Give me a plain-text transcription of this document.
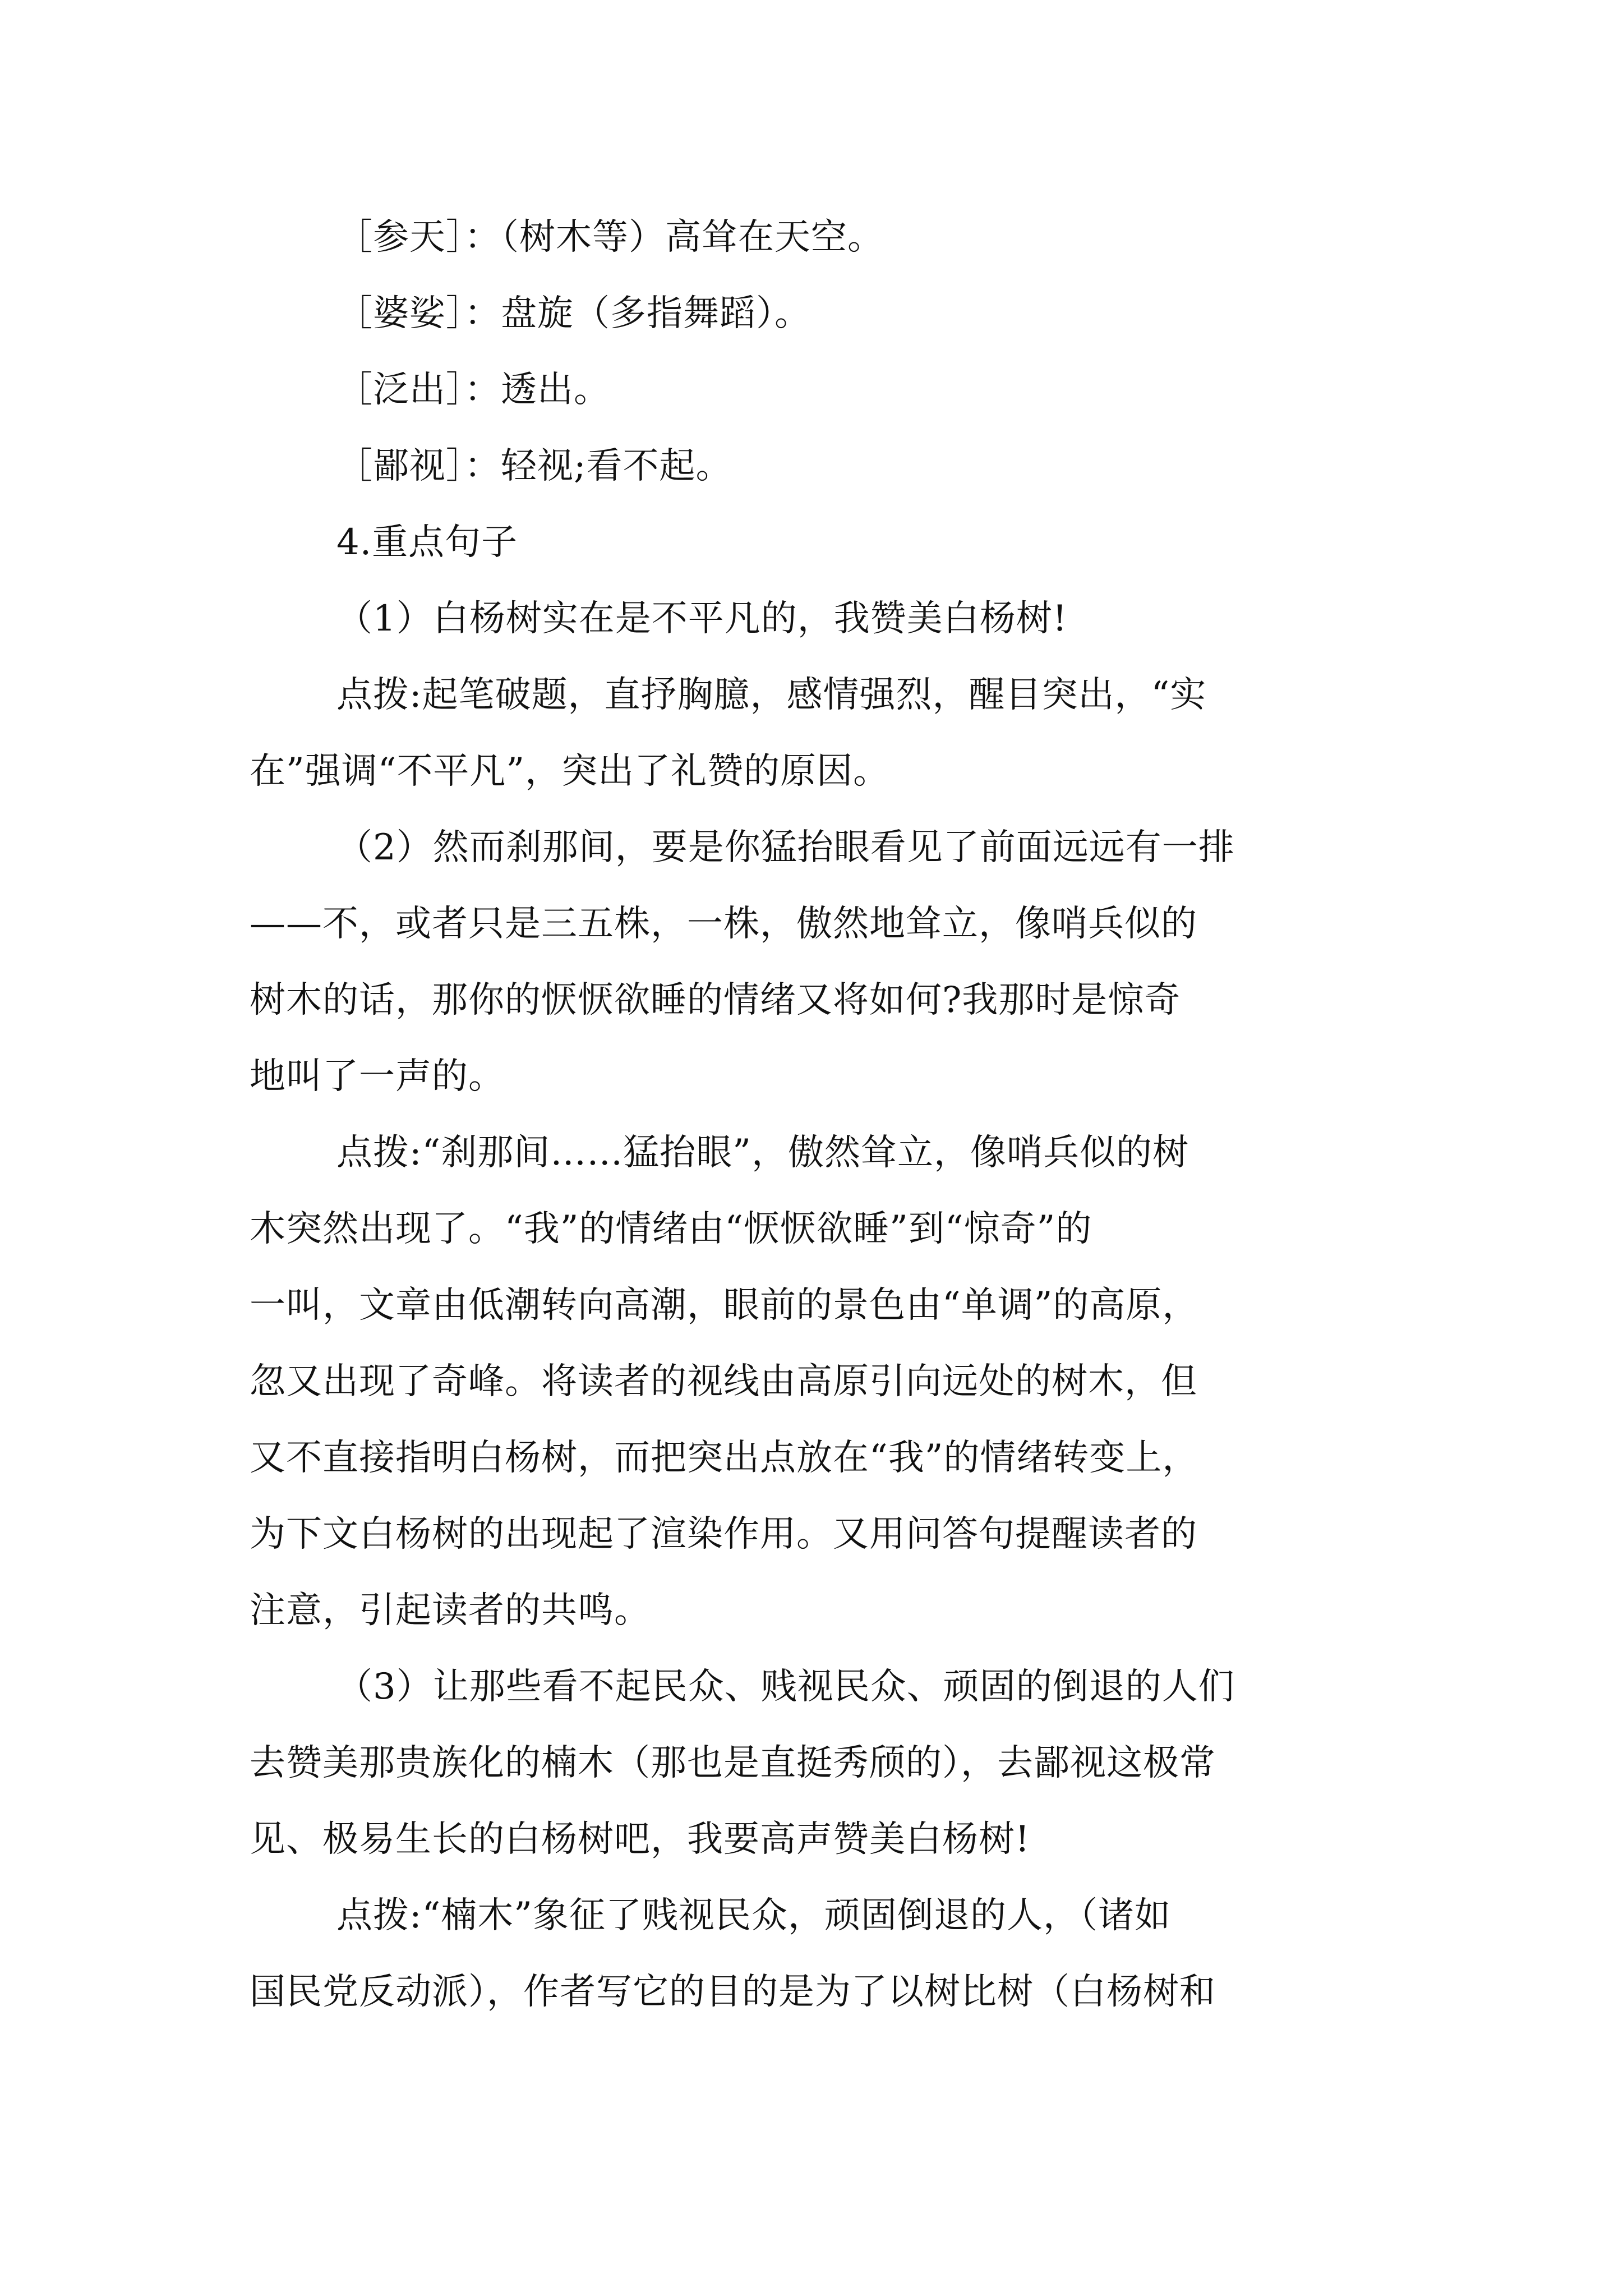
［参天］：（树木等）高耸在天空。
［婆娑］：盘旋（多指舞蹈）。
［泛出］：透出。
［鄙视］：轻视;看不起。
4.重点句子
（1）白杨树实在是不平凡的，我赞美白杨树!
点拨:起笔破题，直抒胸臆，感情强烈，醒目突出，“实
在”强调“不平凡”，突出了礼赞的原因。
（2）然而刹那间，要是你猛抬眼看见了前面远远有一排
——不，或者只是三五株，一株，傲然地耸立，像哨兵似的
树木的话，那你的恹恹欲睡的情绪又将如何?我那时是惊奇
地叫了一声的。
点拨:“刹那间……猛抬眼”，傲然耸立，像哨兵似的树
木突然出现了。“我”的情绪由“恹恹欲睡”到“惊奇”的
一叫，文章由低潮转向高潮，眼前的景色由“单调”的高原，
忽又出现了奇峰。将读者的视线由高原引向远处的树木，但
又不直接指明白杨树，而把突出点放在“我”的情绪转变上，
为下文白杨树的出现起了渲染作用。又用问答句提醒读者的
注意，引起读者的共鸣。
（3）让那些看不起民众、贱视民众、顽固的倒退的人们
去赞美那贵族化的楠木（那也是直挺秀颀的），去鄙视这极常
见、极易生长的白杨树吧，我要高声赞美白杨树!
点拨:“楠木”象征了贱视民众，顽固倒退的人，（诸如
国民党反动派），作者写它的目的是为了以树比树（白杨树和
